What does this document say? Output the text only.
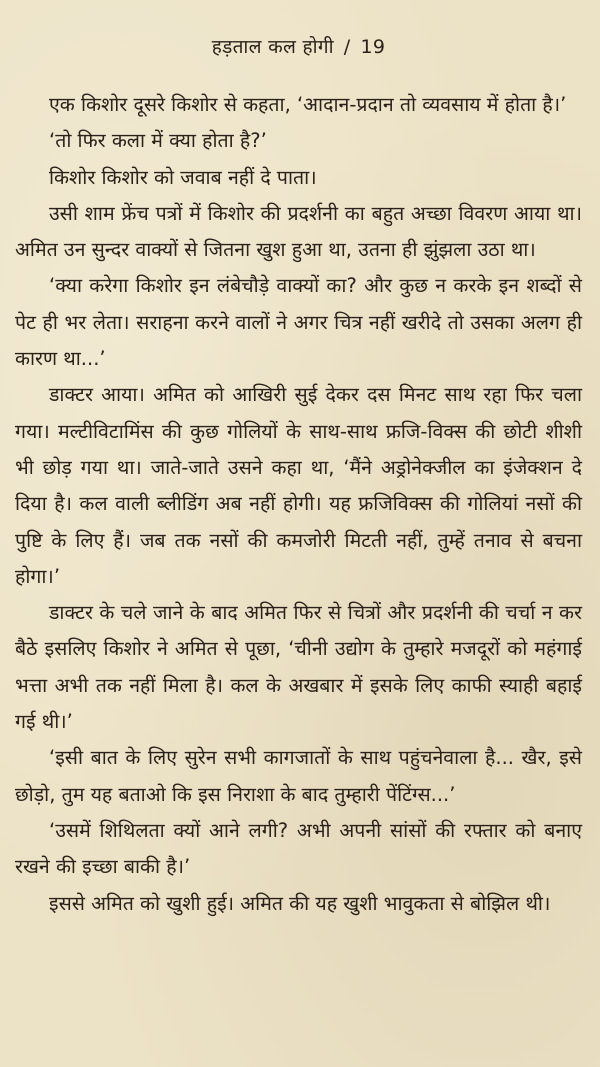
हड़ताल कल होगी / 19

एक किशोर दूसरे किशोर से कहता, ‘आदान-प्रदान तो व्यवसाय में होता है।’

‘तो फिर कला में क्या होता है?’

किशोर किशोर को जवाब नहीं दे पाता।

उसी शाम फ्रेंच पत्रों में किशोर की प्रदर्शनी का बहुत अच्छा विवरण आया था। अमित उन सुन्दर वाक्यों से जितना खुश हुआ था, उतना ही झुंझला उठा था।

‘क्या करेगा किशोर इन लंबेचौड़े वाक्यों का? और कुछ न करके इन शब्दों से पेट ही भर लेता। सराहना करने वालों ने अगर चित्र नहीं खरीदे तो उसका अलग ही कारण था...’

डाक्टर आया। अमित को आखिरी सुई देकर दस मिनट साथ रहा फिर चला गया। मल्टीविटामिंस की कुछ गोलियों के साथ-साथ फ्रजि-विक्स की छोटी शीशी भी छोड़ गया था। जाते-जाते उसने कहा था, ‘मैंने अड्रोनेक्जील का इंजेक्शन दे दिया है। कल वाली ब्लीडिंग अब नहीं होगी। यह फ्रजिविक्स की गोलियां नसों की पुष्टि के लिए हैं। जब तक नसों की कमजोरी मिटती नहीं, तुम्हें तनाव से बचना होगा।’

डाक्टर के चले जाने के बाद अमित फिर से चित्रों और प्रदर्शनी की चर्चा न कर बैठे इसलिए किशोर ने अमित से पूछा, ‘चीनी उद्योग के तुम्हारे मजदूरों को महंगाई भत्ता अभी तक नहीं मिला है। कल के अखबार में इसके लिए काफी स्याही बहाई गई थी।’

‘इसी बात के लिए सुरेन सभी कागजातों के साथ पहुंचनेवाला है... खैर, इसे छोड़ो, तुम यह बताओ कि इस निराशा के बाद तुम्हारी पेंटिंग्स...’

‘उसमें शिथिलता क्यों आने लगी? अभी अपनी सांसों की रफ्तार को बनाए रखने की इच्छा बाकी है।’

इससे अमित को खुशी हुई। अमित की यह खुशी भावुकता से बोझिल थी।
